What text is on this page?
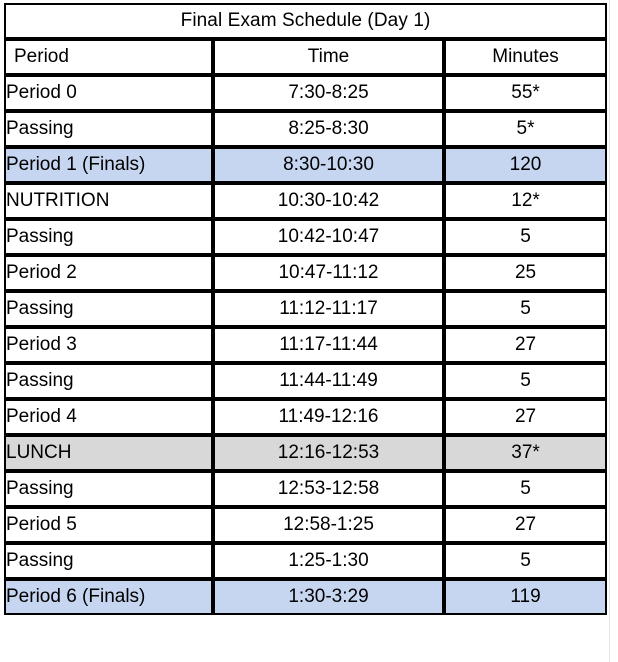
Final Exam Schedule (Day 1)		
Period	Time	Minutes
Period 0	7:30-8:25	55*
Passing	8:25-8:30	5*
Period 1 (Finals)	8:30-10:30	120
NUTRITION	10:30-10:42	12*
Passing	10:42-10:47	5
Period 2	10:47-11:12	25
Passing	11:12-11:17	5
Period 3	11:17-11:44	27
Passing	11:44-11:49	5
Period 4	11:49-12:16	27
LUNCH	12:16-12:53	37*
Passing	12:53-12:58	5
Period 5	12:58-1:25	27
Passing	1:25-1:30	5
Period 6 (Finals)	1:30-3:29	119
